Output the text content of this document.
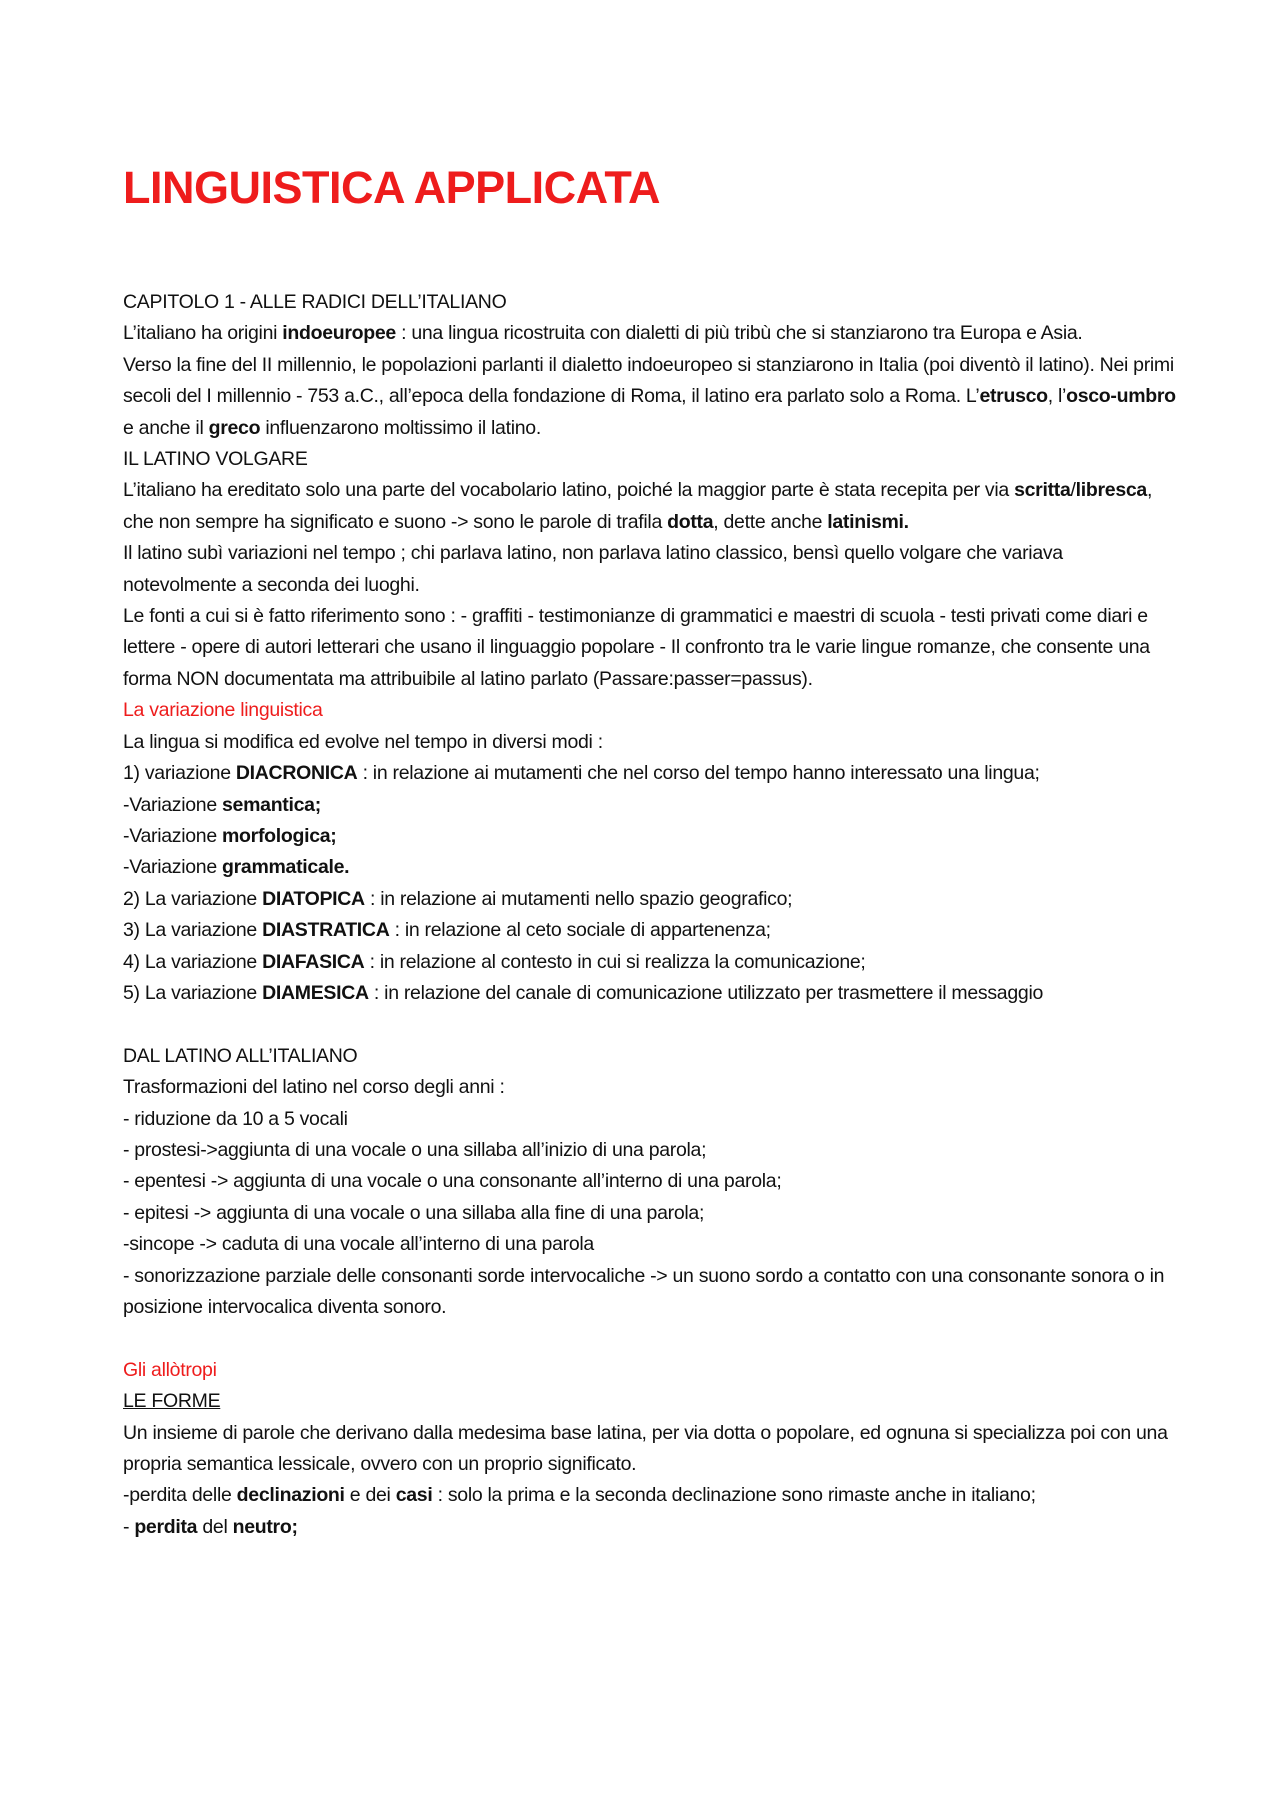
LINGUISTICA APPLICATA

CAPITOLO 1 - ALLE RADICI DELL’ITALIANO

L’italiano ha origini indoeuropee : una lingua ricostruita con dialetti di più tribù che si stanziarono tra Europa e Asia.

Verso la fine del II millennio, le popolazioni parlanti il dialetto indoeuropeo si stanziarono in Italia (poi diventò il latino). Nei primi secoli del I millennio - 753 a.C., all’epoca della fondazione di Roma, il latino era parlato solo a Roma. L’etrusco, l’osco-umbro e anche il greco influenzarono moltissimo il latino.

IL LATINO VOLGARE

L’italiano ha ereditato solo una parte del vocabolario latino, poiché la maggior parte è stata recepita per via scritta/libresca, che non sempre ha significato e suono -> sono le parole di trafila dotta, dette anche latinismi.

Il latino subì variazioni nel tempo ; chi parlava latino, non parlava latino classico, bensì quello volgare che variava notevolmente a seconda dei luoghi.

Le fonti a cui si è fatto riferimento sono : - graffiti - testimonianze di grammatici e maestri di scuola - testi privati come diari e lettere - opere di autori letterari che usano il linguaggio popolare - Il confronto tra le varie lingue romanze, che consente una forma NON documentata ma attribuibile al latino parlato (Passare:passer=passus).

La variazione linguistica

La lingua si modifica ed evolve nel tempo in diversi modi :

1) variazione DIACRONICA : in relazione ai mutamenti che nel corso del tempo hanno interessato una lingua;

-Variazione semantica;

-Variazione morfologica;

-Variazione grammaticale.

2) La variazione DIATOPICA : in relazione ai mutamenti nello spazio geografico;

3) La variazione DIASTRATICA : in relazione al ceto sociale di appartenenza;

4) La variazione DIAFASICA : in relazione al contesto in cui si realizza la comunicazione;

5) La variazione DIAMESICA : in relazione del canale di comunicazione utilizzato per trasmettere il messaggio

DAL LATINO ALL’ITALIANO

Trasformazioni del latino nel corso degli anni :

- riduzione da 10 a 5 vocali

- prostesi->aggiunta di una vocale o una sillaba all’inizio di una parola;

- epentesi -> aggiunta di una vocale o una consonante all’interno di una parola;

- epitesi -> aggiunta di una vocale o una sillaba alla fine di una parola;

-sincope -> caduta di una vocale all’interno di una parola

- sonorizzazione parziale delle consonanti sorde intervocaliche -> un suono sordo a contatto con una consonante sonora o in posizione intervocalica diventa sonoro.

Gli allòtropi

LE FORME

Un insieme di parole che derivano dalla medesima base latina, per via dotta o popolare, ed ognuna si specializza poi con una propria semantica lessicale, ovvero con un proprio significato.

-perdita delle declinazioni e dei casi : solo la prima e la seconda declinazione sono rimaste anche in italiano;

- perdita del neutro;
